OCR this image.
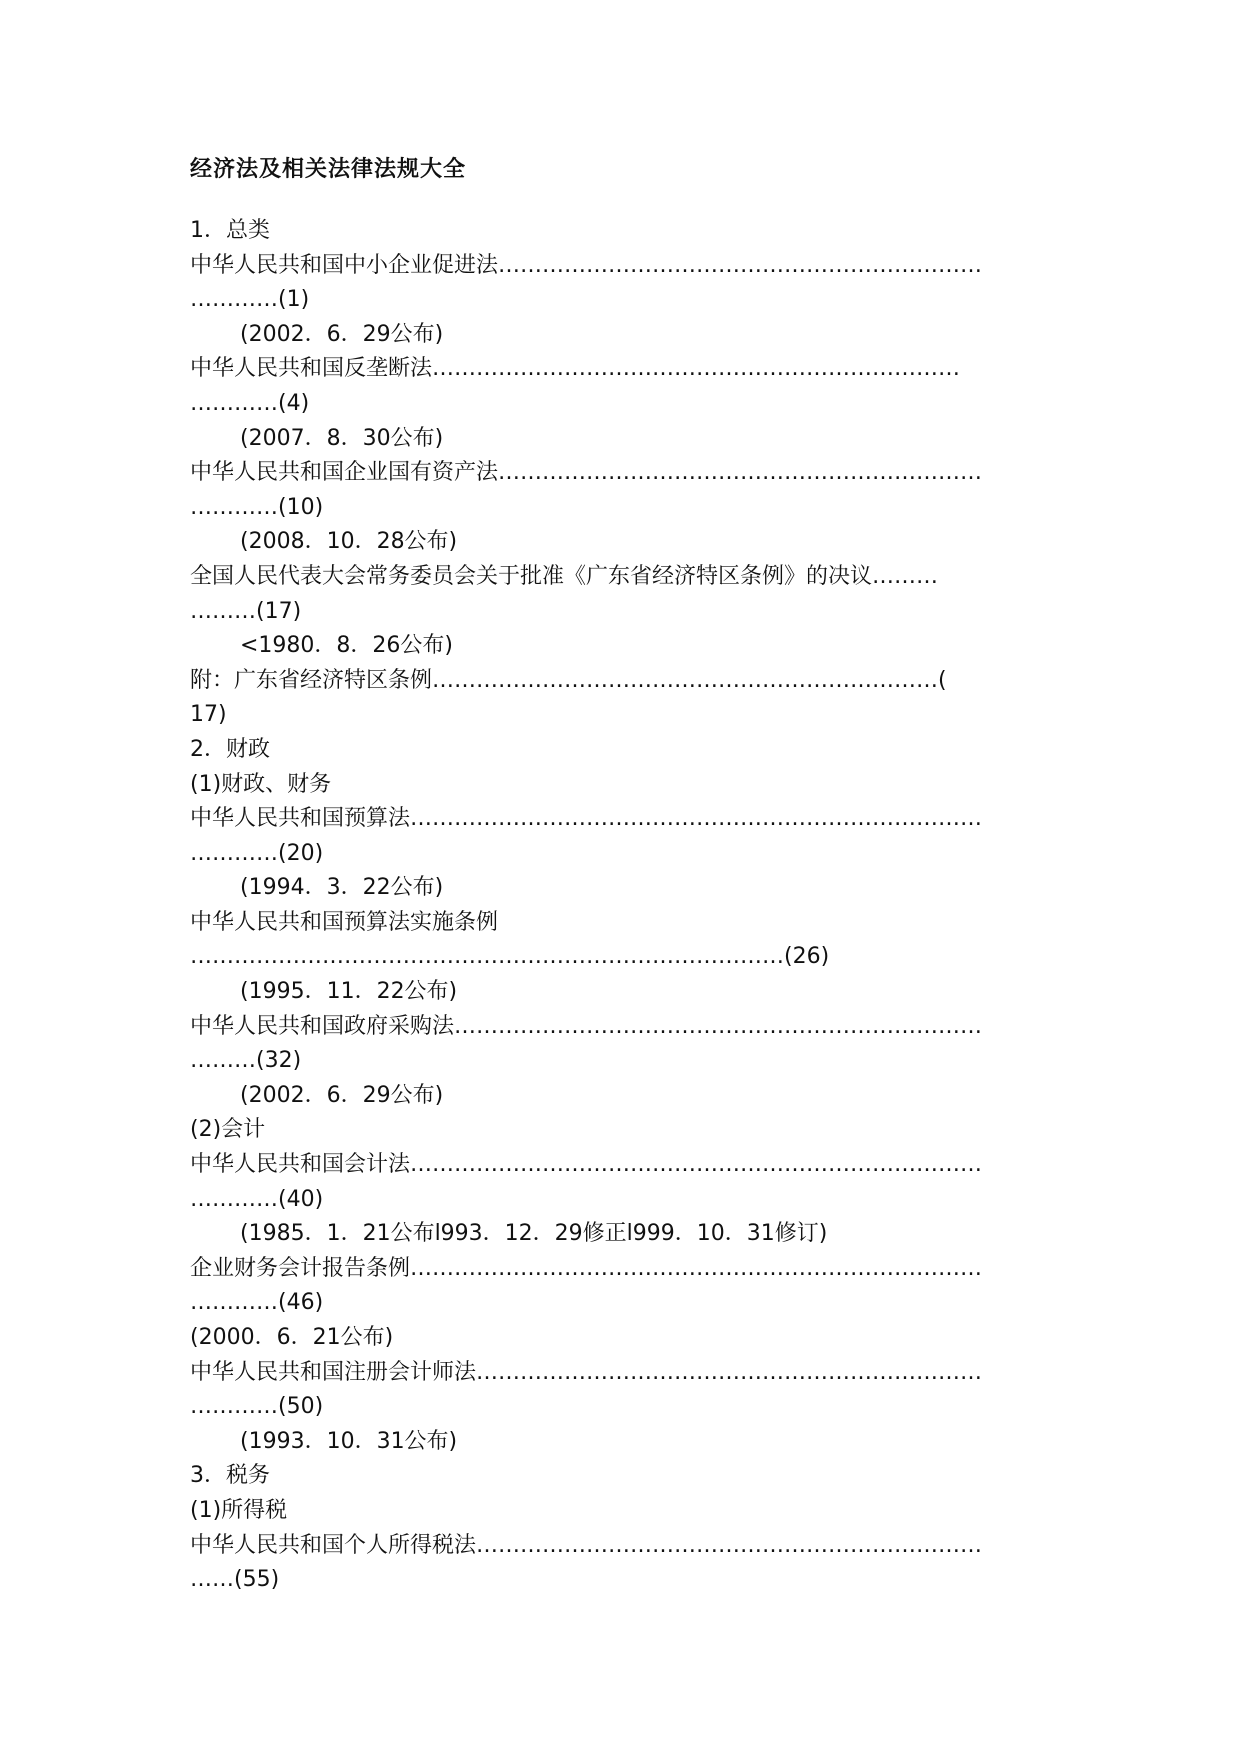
经济法及相关法律法规大全
1．总类
中华人民共和国中小企业促进法…………………………………………………………
…………(1)
(2002．6．29公布)
中华人民共和国反垄断法………………………………………………………………
…………(4)
(2007．8．30公布)
中华人民共和国企业国有资产法…………………………………………………………
…………(10)
(2008．10．28公布)
全国人民代表大会常务委员会关于批准《广东省经济特区条例》的决议………
………(17)
<1980．8．26公布)
附：广东省经济特区条例……………………………………………………………(
17)
2．财政
(1)财政、财务
中华人民共和国预算法……………………………………………………………………
…………(20)
(1994．3．22公布)
中华人民共和国预算法实施条例
………………………………………………………………………(26)
(1995．11．22公布)
中华人民共和国政府采购法………………………………………………………………
………(32)
(2002．6．29公布)
(2)会计
中华人民共和国会计法……………………………………………………………………
…………(40)
(1985．1．21公布l993．12．29修正l999．10．31修订)
企业财务会计报告条例……………………………………………………………………
…………(46)
(2000．6．21公布)
中华人民共和国注册会计师法……………………………………………………………
…………(50)
(1993．10．31公布)
3．税务
(1)所得税
中华人民共和国个人所得税法……………………………………………………………
……(55)
